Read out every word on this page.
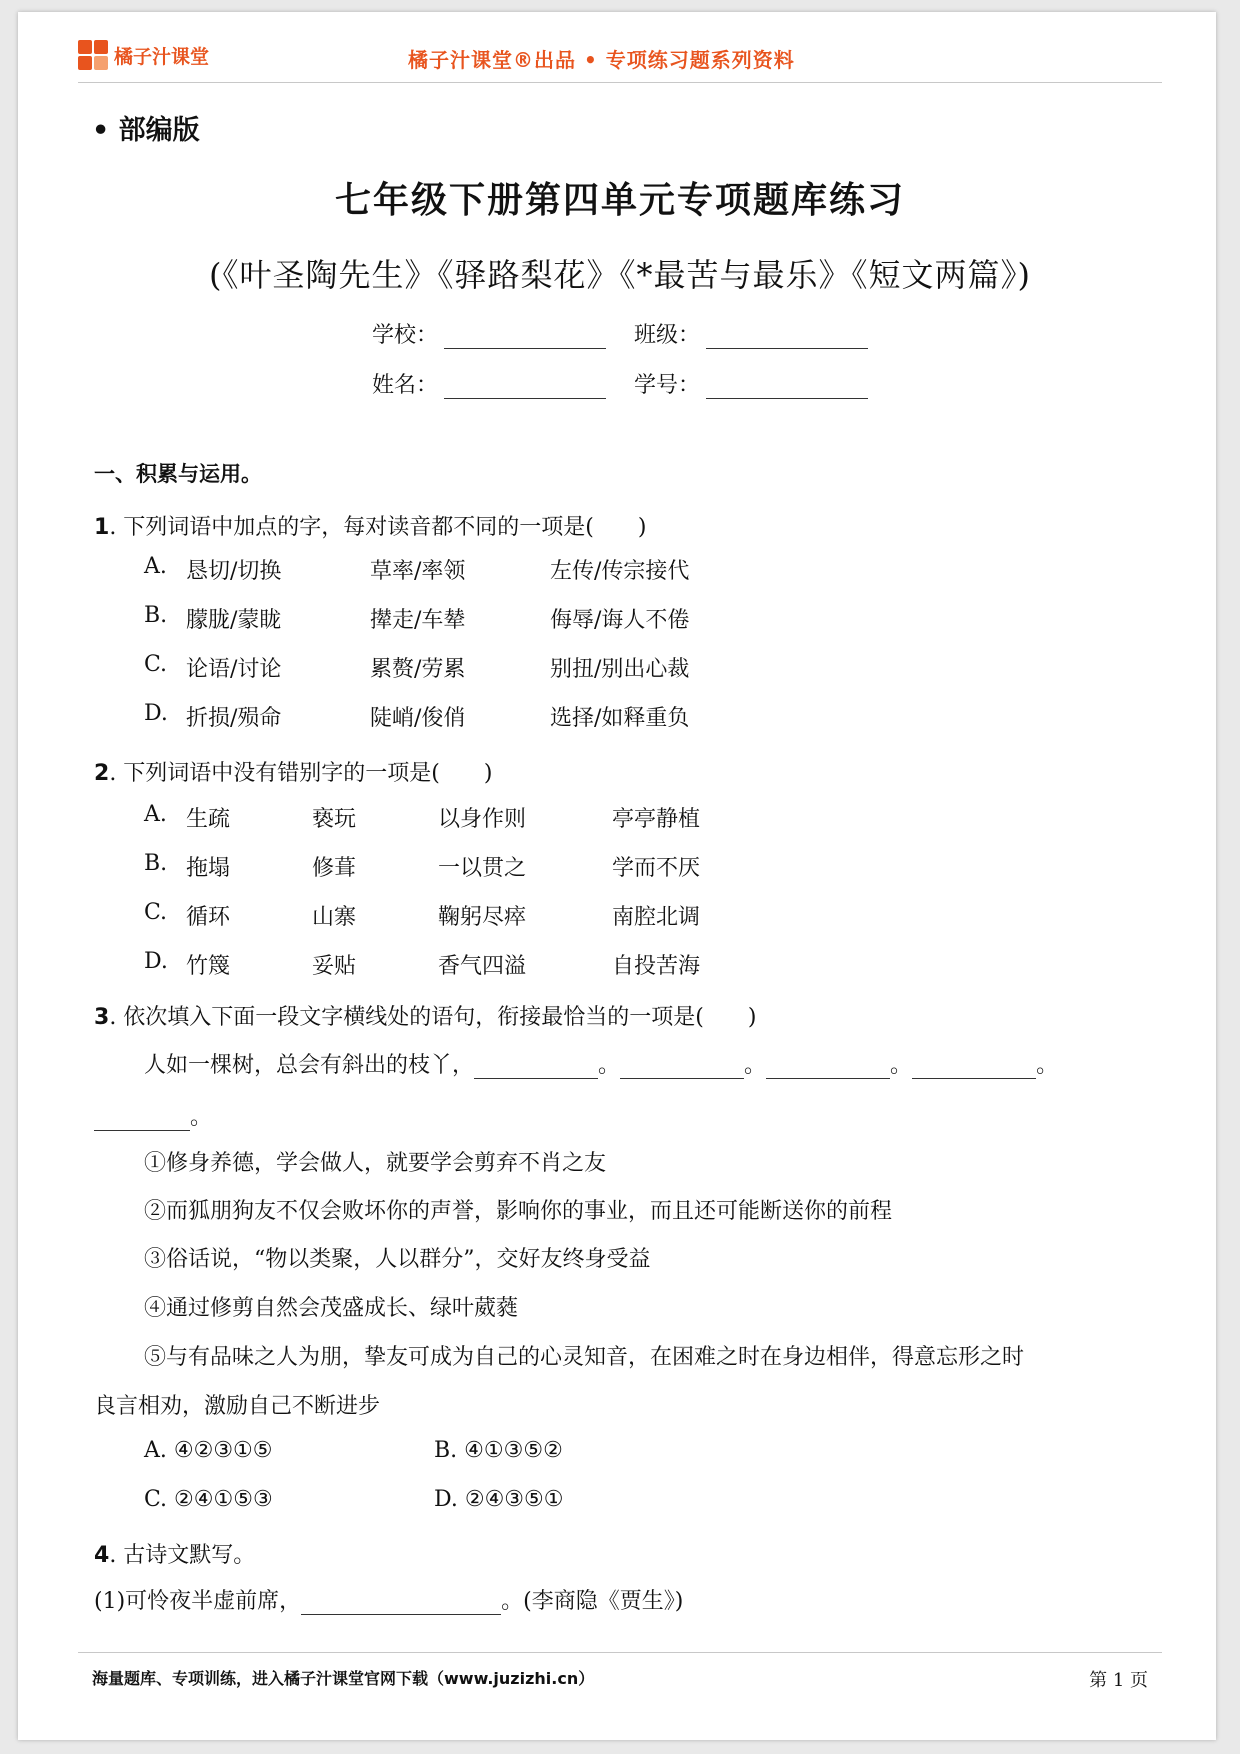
橘子汁课堂	橘子汁课堂®出品 • 专项练习题系列资料
• 部编版
七年级下册第四单元专项题库练习
(《叶圣陶先生》《驿路梨花》《*最苦与最乐》《短文两篇》)
学校：	班级：
姓名：	学号：
一、积累与运用。
1. 下列词语中加点的字，每对读音都不同的一项是(　　)
A. 恳切/切换	草率/率领	左传/传宗接代
B. 朦胧/蒙眬	撵走/车辇	侮辱/诲人不倦
C. 论语/讨论	累赘/劳累	别扭/别出心裁
D. 折损/殒命	陡峭/俊俏	选择/如释重负
2. 下列词语中没有错别字的一项是(　　)
A. 生疏	亵玩	以身作则	亭亭静植
B. 拖塌	修葺	一以贯之	学而不厌
C. 循环	山寨	鞠躬尽瘁	南腔北调
D. 竹篾	妥贴	香气四溢	自投苦海
3. 依次填入下面一段文字横线处的语句，衔接最恰当的一项是(　　)
人如一棵树，总会有斜出的枝丫，	。	。	。	。
。
①修身养德，学会做人，就要学会剪弃不肖之友
②而狐朋狗友不仅会败坏你的声誉，影响你的事业，而且还可能断送你的前程
③俗话说，“物以类聚，人以群分”，交好友终身受益
④通过修剪自然会茂盛成长、绿叶葳蕤
⑤与有品味之人为朋，挚友可成为自己的心灵知音，在困难之时在身边相伴，得意忘形之时
良言相劝，激励自己不断进步
A. ④②③①⑤	B. ④①③⑤②
C. ②④①⑤③	D. ②④③⑤①
4. 古诗文默写。
(1)可怜夜半虚前席，	。(李商隐《贾生》)
海量题库、专项训练，进入橘子汁课堂官网下载（www.juzizhi.cn）	第 1 页
